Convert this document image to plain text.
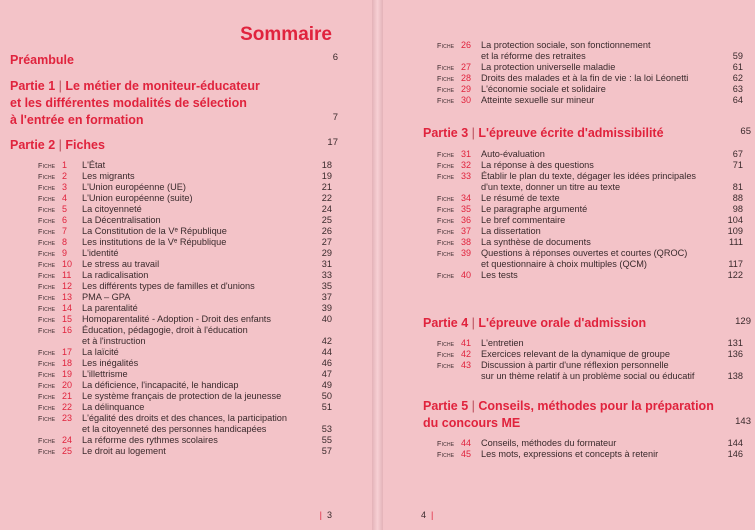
Sommaire
Préambule	6
Partie 1 | Le métier de moniteur-éducateur
et les différentes modalités de sélection
à l'entrée en formation	7
Partie 2 | Fiches	17
Fiche 1	L'État	18
Fiche 2	Les migrants	19
Fiche 3	L'Union européenne (UE)	21
Fiche 4	L'Union européenne (suite)	22
Fiche 5	La citoyenneté	24
Fiche 6	La Décentralisation	25
Fiche 7	La Constitution de la Vᵉ République	26
Fiche 8	Les institutions de la Vᵉ République	27
Fiche 9	L'identité	29
Fiche 10	Le stress au travail	31
Fiche 11	La radicalisation	33
Fiche 12	Les différents types de familles et d'unions	35
Fiche 13	PMA – GPA	37
Fiche 14	La parentalité	39
Fiche 15	Homoparentalité - Adoption - Droit des enfants	40
Fiche 16	Éducation, pédagogie, droit à l'éducation
et à l'instruction	42
Fiche 17	La laïcité	44
Fiche 18	Les inégalités	46
Fiche 19	L'illettrisme	47
Fiche 20	La déficience, l'incapacité, le handicap	49
Fiche 21	Le système français de protection de la jeunesse	50
Fiche 22	La délinquance	51
Fiche 23	L'égalité des droits et des chances, la participation
et la citoyenneté des personnes handicapées	53
Fiche 24	La réforme des rythmes scolaires	55
Fiche 25	Le droit au logement	57
| 3
Fiche 26	La protection sociale, son fonctionnement
et la réforme des retraites	59
Fiche 27	La protection universelle maladie	61
Fiche 28	Droits des malades et à la fin de vie : la loi Léonetti	62
Fiche 29	L'économie sociale et solidaire	63
Fiche 30	Atteinte sexuelle sur mineur	64
Partie 3 | L'épreuve écrite d'admissibilité	65
Fiche 31	Auto-évaluation	67
Fiche 32	La réponse à des questions	71
Fiche 33	Établir le plan du texte, dégager les idées principales
d'un texte, donner un titre au texte	81
Fiche 34	Le résumé de texte	88
Fiche 35	Le paragraphe argumenté	98
Fiche 36	Le bref commentaire	104
Fiche 37	La dissertation	109
Fiche 38	La synthèse de documents	111
Fiche 39	Questions à réponses ouvertes et courtes (QROC)
et questionnaire à choix multiples (QCM)	117
Fiche 40	Les tests	122
Partie 4 | L'épreuve orale d'admission	129
Fiche 41	L'entretien	131
Fiche 42	Exercices relevant de la dynamique de groupe	136
Fiche 43	Discussion à partir d'une réflexion personnelle
sur un thème relatif à un problème social ou éducatif	138
Partie 5 | Conseils, méthodes pour la préparation
du concours ME	143
Fiche 44	Conseils, méthodes du formateur	144
Fiche 45	Les mots, expressions et concepts à retenir	146
4 |
